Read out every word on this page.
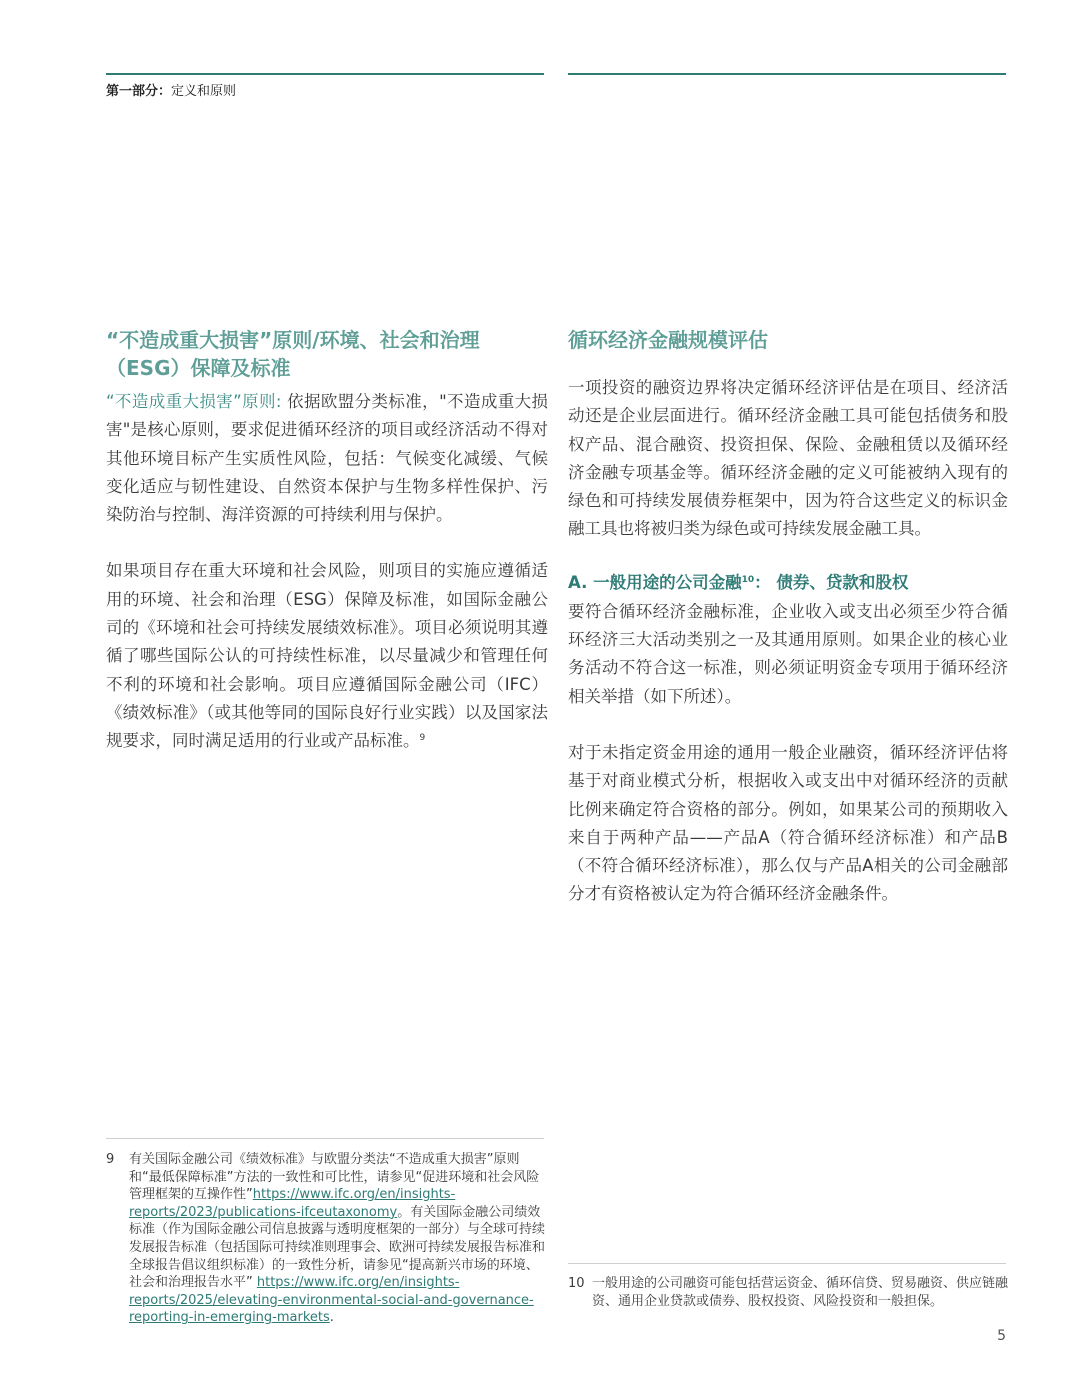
第一部分：定义和原则
“不造成重大损害”原则/环境、社会和治理（ESG）保障及标准

“不造成重大损害”原则: 依据欧盟分类标准，"不造成重大损害"是核心原则，要求促进循环经济的项目或经济活动不得对其他环境目标产生实质性风险，包括：气候变化减缓、气候变化适应与韧性建设、自然资本保护与生物多样性保护、污染防治与控制、海洋资源的可持续利用与保护。

如果项目存在重大环境和社会风险，则项目的实施应遵循适用的环境、社会和治理（ESG）保障及标准，如国际金融公司的《环境和社会可持续发展绩效标准》。项目必须说明其遵循了哪些国际公认的可持续性标准，以尽量减少和管理任何不利的环境和社会影响。项目应遵循国际金融公司（IFC）《绩效标准》（或其他等同的国际良好行业实践）以及国家法规要求，同时满足适用的行业或产品标准。$^9$

循环经济金融规模评估

一项投资的融资边界将决定循环经济评估是在项目、经济活动还是企业层面进行。循环经济金融工具可能包括债务和股权产品、混合融资、投资担保、保险、金融租赁以及循环经济金融专项基金等。循环经济金融的定义可能被纳入现有的绿色和可持续发展债券框架中，因为符合这些定义的标识金融工具也将被归类为绿色或可持续发展金融工具。

A. 一般用途的公司金融$^{10}$： 债券、贷款和股权

要符合循环经济金融标准，企业收入或支出必须至少符合循环经济三大活动类别之一及其通用原则。如果企业的核心业务活动不符合这一标准，则必须证明资金专项用于循环经济相关举措（如下所述）。

对于未指定资金用途的通用一般企业融资，循环经济评估将基于对商业模式分析，根据收入或支出中对循环经济的贡献比例来确定符合资格的部分。例如，如果某公司的预期收入来自于两种产品——产品A（符合循环经济标准）和产品B（不符合循环经济标准），那么仅与产品A相关的公司金融部分才有资格被认定为符合循环经济金融条件。

9	有关国际金融公司《绩效标准》与欧盟分类法“不造成重大损害”原则和“最低保障标准”方法的一致性和可比性，请参见“促进环境和社会风险管理框架的互操作性”https://www.ifc.org/en/insights-reports/2023/publications-ifceutaxonomy。有关国际金融公司绩效标准（作为国际金融公司信息披露与透明度框架的一部分）与全球可持续发展报告标准（包括国际可持续准则理事会、欧洲可持续发展报告标准和全球报告倡议组织标准）的一致性分析，请参见“提高新兴市场的环境、社会和治理报告水平” https://www.ifc.org/en/insights-reports/2025/elevating-environmental-social-and-governance-reporting-in-emerging-markets.
10 一般用途的公司融资可能包括营运资金、循环信贷、贸易融资、供应链融资、通用企业贷款或债券、股权投资、风险投资和一般担保。
5
